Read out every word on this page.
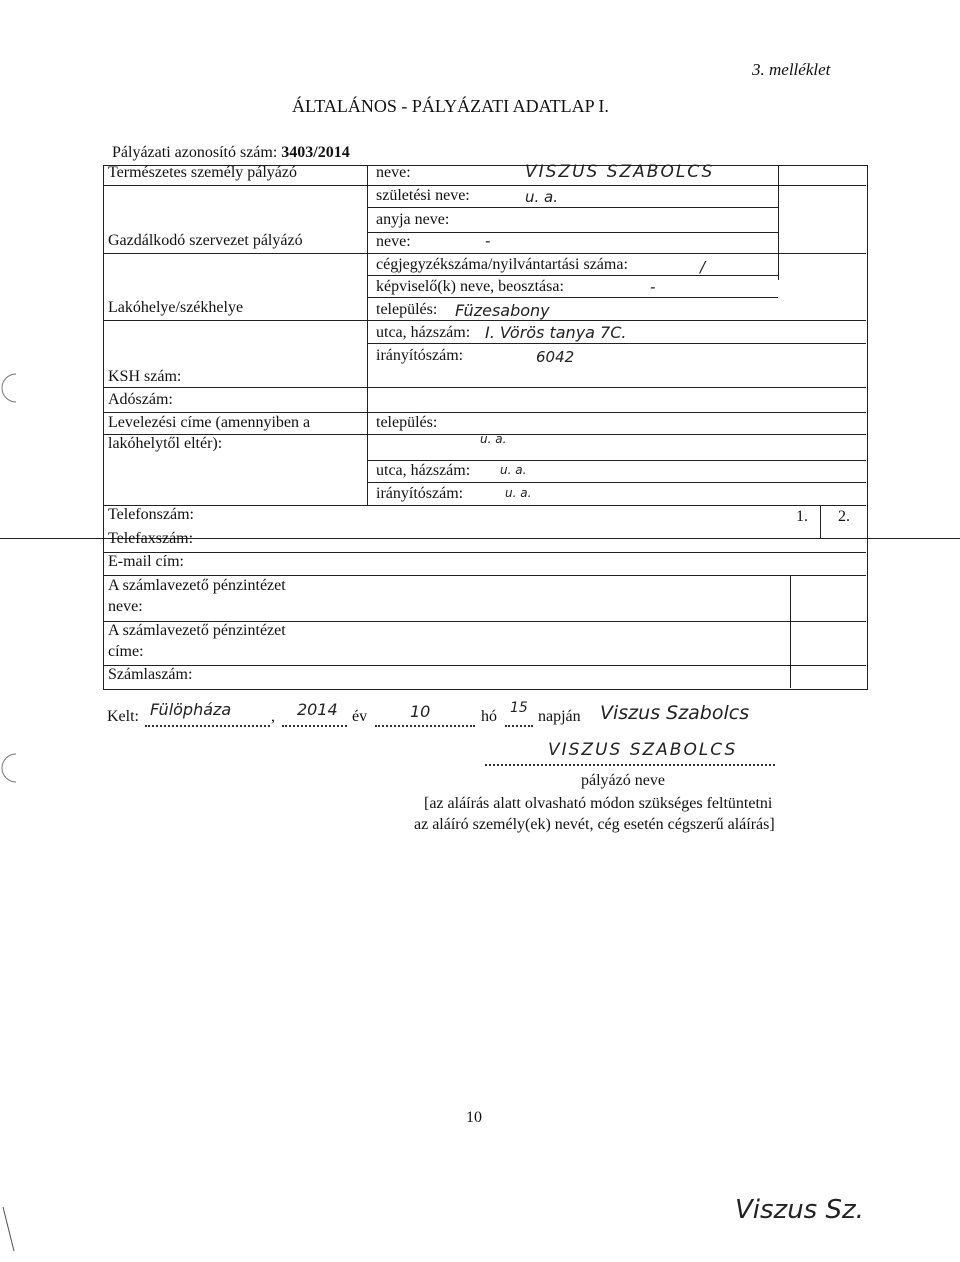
3. melléklet
ÁLTALÁNOS - PÁLYÁZATI ADATLAP I.
Pályázati azonosító szám: 3403/2014
1. 2.
Természetes személy pályázó
Gazdálkodó szervezet pályázó
Lakóhelye/székhelye
KSH szám:
Adószám:
Levelezési címe (amennyiben a
lakóhelytől eltér):
Telefonszám:
Telefaxszám:
E-mail cím:
A számlavezető pénzintézet
neve:
A számlavezető pénzintézet
címe:
Számlaszám:
neve:
születési neve:
anyja neve:
neve:
cégjegyzékszáma/nyilvántartási száma:
képviselő(k) neve, beosztása:
település:
utca, házszám:
irányítószám:
település:
utca, házszám:
irányítószám:
VISZUS SZABOLCS
u. a.
-
/
-
Füzesabony
I. Vörös tanya 7C.
6042
u. a.
u. a.
u. a.
Kelt: Fülöpháza , 2014 év	10	hó 15 napján Viszus Szabolcs
VISZUS SZABOLCS
pályázó neve
[az aláírás alatt olvasható módon szükséges feltüntetni
az aláíró személy(ek) nevét, cég esetén cégszerű aláírás]
10
Viszus Sz.
